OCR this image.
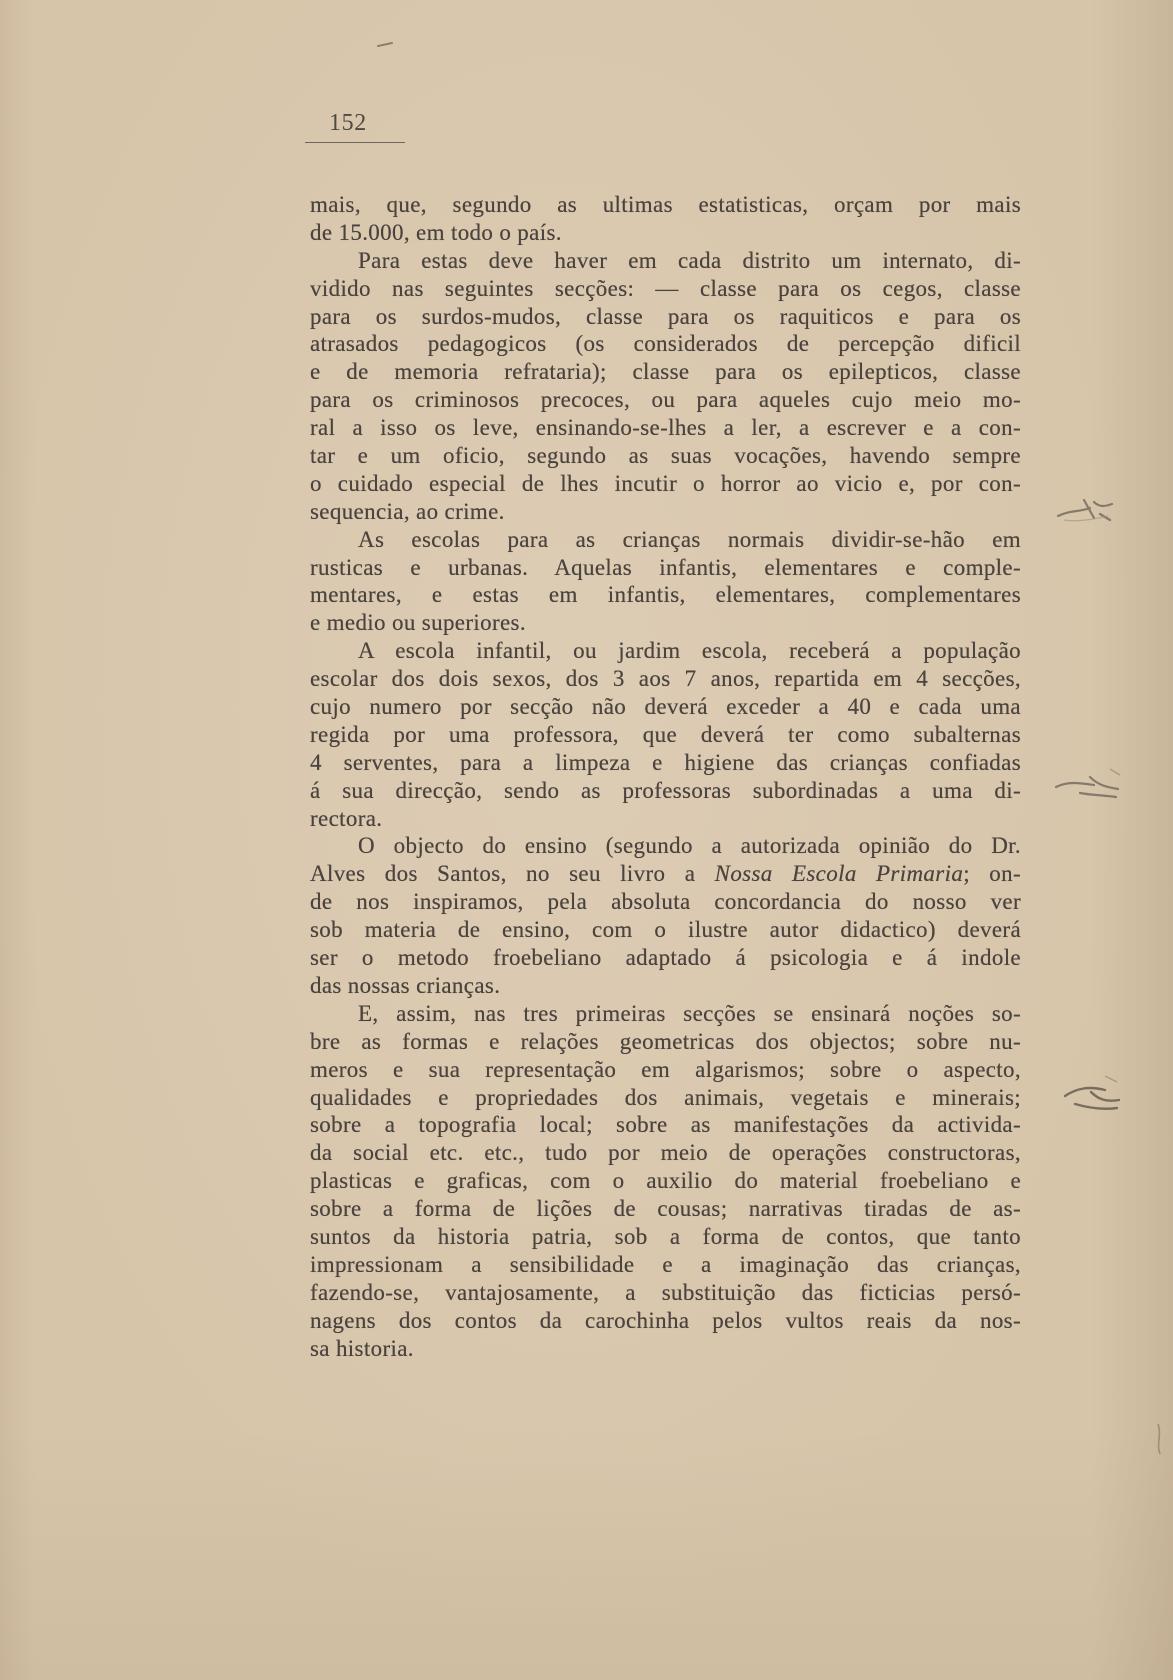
152
mais, que, segundo as ultimas estatisticas, orçam por mais
de 15.000, em todo o país.
Para estas deve haver em cada distrito um internato, di-
vidido nas seguintes secções: — classe para os cegos, classe
para os surdos-mudos, classe para os raquiticos e para os
atrasados pedagogicos (os considerados de percepção dificil
e de memoria refrataria); classe para os epilepticos, classe
para os criminosos precoces, ou para aqueles cujo meio mo-
ral a isso os leve, ensinando-se-lhes a ler, a escrever e a con-
tar e um oficio, segundo as suas vocações, havendo sempre
o cuidado especial de lhes incutir o horror ao vicio e, por con-
sequencia, ao crime.
As escolas para as crianças normais dividir-se-hão em
rusticas e urbanas. Aquelas infantis, elementares e comple-
mentares, e estas em infantis, elementares, complementares
e medio ou superiores.
A escola infantil, ou jardim escola, receberá a população
escolar dos dois sexos, dos 3 aos 7 anos, repartida em 4 secções,
cujo numero por secção não deverá exceder a 40 e cada uma
regida por uma professora, que deverá ter como subalternas
4 serventes, para a limpeza e higiene das crianças confiadas
á sua direcção, sendo as professoras subordinadas a uma di-
rectora.
O objecto do ensino (segundo a autorizada opinião do Dr.
Alves dos Santos, no seu livro a Nossa Escola Primaria; on-
de nos inspiramos, pela absoluta concordancia do nosso ver
sob materia de ensino, com o ilustre autor didactico) deverá
ser o metodo froebeliano adaptado á psicologia e á indole
das nossas crianças.
E, assim, nas tres primeiras secções se ensinará noções so-
bre as formas e relações geometricas dos objectos; sobre nu-
meros e sua representação em algarismos; sobre o aspecto,
qualidades e propriedades dos animais, vegetais e minerais;
sobre a topografia local; sobre as manifestações da activida-
da social etc. etc., tudo por meio de operações constructoras,
plasticas e graficas, com o auxilio do material froebeliano e
sobre a forma de lições de cousas; narrativas tiradas de as-
suntos da historia patria, sob a forma de contos, que tanto
impressionam a sensibilidade e a imaginação das crianças,
fazendo-se, vantajosamente, a substituição das ficticias persó-
nagens dos contos da carochinha pelos vultos reais da nos-
sa historia.
